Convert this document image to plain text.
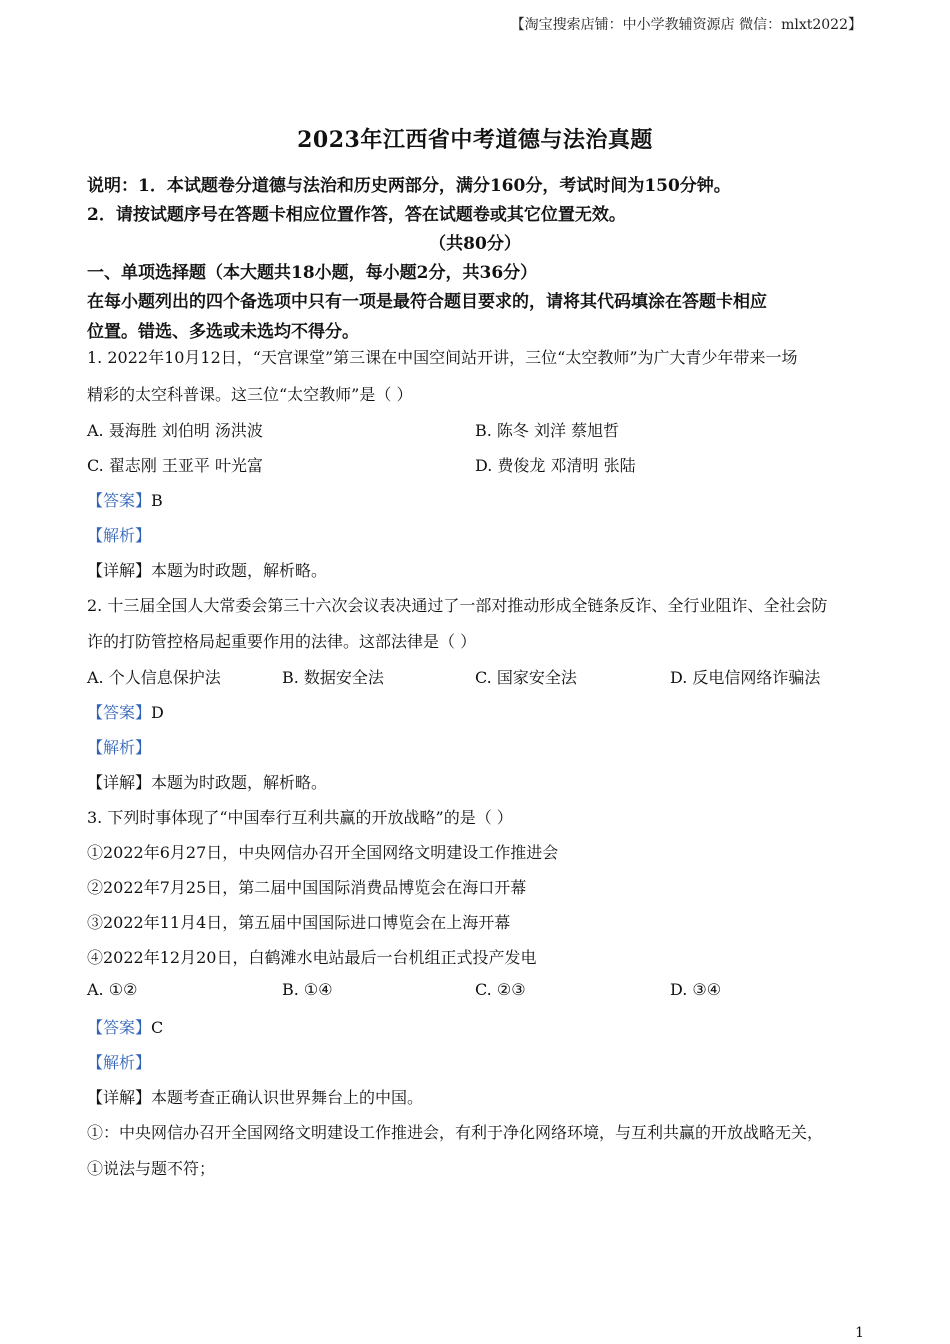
【淘宝搜索店铺：中小学教辅资源店 微信：mlxt2022】
2023年江西省中考道德与法治真题
说明：1．本试题卷分道德与法治和历史两部分，满分160分，考试时间为150分钟。
2．请按试题序号在答题卡相应位置作答，答在试题卷或其它位置无效。
（共80分）
一、单项选择题（本大题共18小题，每小题2分，共36分）
在每小题列出的四个备选项中只有一项是最符合题目要求的，请将其代码填涂在答题卡相应
位置。错选、多选或未选均不得分。
1. 2022年10月12日，“天宫课堂”第三课在中国空间站开讲，三位“太空教师”为广大青少年带来一场
精彩的太空科普课。这三位“太空教师”是（ ）
A. 聂海胜 刘伯明 汤洪波	B. 陈冬 刘洋 蔡旭哲
C. 翟志刚 王亚平 叶光富	D. 费俊龙 邓清明 张陆
【答案】B
【解析】
【详解】本题为时政题，解析略。
2. 十三届全国人大常委会第三十六次会议表决通过了一部对推动形成全链条反诈、全行业阻诈、全社会防
诈的打防管控格局起重要作用的法律。这部法律是（ ）
A. 个人信息保护法	B. 数据安全法	C. 国家安全法	D. 反电信网络诈骗法
【答案】D
【解析】
【详解】本题为时政题，解析略。
3. 下列时事体现了“中国奉行互利共赢的开放战略”的是（ ）
①2022年6月27日，中央网信办召开全国网络文明建设工作推进会
②2022年7月25日，第二届中国国际消费品博览会在海口开幕
③2022年11月4日，第五届中国国际进口博览会在上海开幕
④2022年12月20日，白鹤滩水电站最后一台机组正式投产发电
A. ①②	B. ①④	C. ②③	D. ③④
【答案】C
【解析】
【详解】本题考查正确认识世界舞台上的中国。
①：中央网信办召开全国网络文明建设工作推进会，有利于净化网络环境，与互利共赢的开放战略无关，
①说法与题不符；
1
